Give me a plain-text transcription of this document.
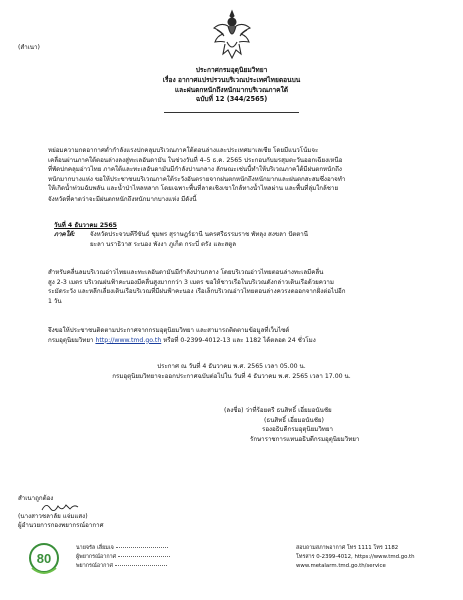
(สำเนา)
ประกาศกรมอุตุนิยมวิทยา
เรื่อง อากาศแปรปรวนบริเวณประเทศไทยตอนบน
และฝนตกหนักถึงหนักมากบริเวณภาคใต้
ฉบับที่ 12 (344/2565)
หย่อมความกดอากาศต่ำกำลังแรงปกคลุมบริเวณภาคใต้ตอนล่างและประเทศมาเลเซีย โดยมีแนวโน้มจะ
เคลื่อนผ่านภาคใต้ตอนล่างลงสู่ทะเลอันดามัน ในช่วงวันที่ 4–5 ธ.ค. 2565 ประกอบกับมรสุมตะวันออกเฉียงเหนือ
ที่พัดปกคลุมอ่าวไทย ภาคใต้และทะเลอันดามันมีกำลังปานกลาง ลักษณะเช่นนี้ทำให้บริเวณภาคใต้มีฝนตกหนักถึง
หนักมากบางแห่ง ขอให้ประชาชนบริเวณภาคใต้ระวังอันตรายจากฝนตกหนักถึงหนักมากและฝนตกสะสมซึ่งอาจทำ
ให้เกิดน้ำท่วมฉับพลัน และน้ำป่าไหลหลาก โดยเฉพาะพื้นที่ลาดเชิงเขาใกล้ทางน้ำไหลผ่าน และพื้นที่ลุ่มใกล้ชาย
จังหวัดที่คาดว่าจะมีฝนตกหนักถึงหนักมากบางแห่ง มีดังนี้
วันที่ 4 ธันวาคม 2565
ภาคใต้: จังหวัดประจวบคีรีขันธ์ ชุมพร สุราษฎร์ธานี นครศรีธรรมราช พัทลุง สงขลา ปัตตานี
ยะลา นราธิวาส ระนอง พังงา ภูเก็ต กระบี่ ตรัง และสตูล
สำหรับคลื่นลมบริเวณอ่าวไทยและทะเลอันดามันมีกำลังปานกลาง โดยบริเวณอ่าวไทยตอนล่างทะเลมีคลื่น
สูง 2-3 เมตร บริเวณฝนฟ้าคะนองมีคลื่นสูงมากกว่า 3 เมตร ขอให้ชาวเรือในบริเวณดังกล่าวเดินเรือด้วยความ
ระมัดระวัง และหลีกเลี่ยงเดินเรือบริเวณที่มีฝนฟ้าคะนอง เรือเล็กบริเวณอ่าวไทยตอนล่างควรงดออกจากฝั่งต่อไปอีก
1 วัน
จึงขอให้ประชาชนติดตามประกาศจากกรมอุตุนิยมวิทยา และสามารถติดตามข้อมูลที่เว็บไซต์
กรมอุตุนิยมวิทยา http://www.tmd.go.th หรือที่ 0-2399-4012-13 และ 1182 ได้ตลอด 24 ชั่วโมง
ประกาศ ณ วันที่ 4 ธันวาคม พ.ศ. 2565 เวลา 05.00 น.
กรมอุตุนิยมวิทยาจะออกประกาศฉบับต่อไปใน วันที่ 4 ธันวาคม พ.ศ. 2565 เวลา 17.00 น.
(ลงชื่อ) ว่าที่ร้อยตรี ธนสิทธิ์ เอี่ยมอนันชัย
(ธนสิทธิ์ เอี่ยมอนันชัย)
รองอธิบดีกรมอุตุนิยมวิทยา
รักษาราชการแทนอธิบดีกรมอุตุนิยมวิทยา
สำเนาถูกต้อง
(นางสาวชลาลัย แจ่มแสง)
ผู้อำนวยการกองพยากรณ์อากาศ
80
นายจรัล เลี่ยมเจ
ผู้พยากรณ์อากาศ
พยากรณ์อากาศ
สอบถามสภาพอากาศ โทร 1111 โทร 1182
โทรสาร 0-2399-4012, https://www.tmd.go.th
www.metalarm.tmd.go.th/service
